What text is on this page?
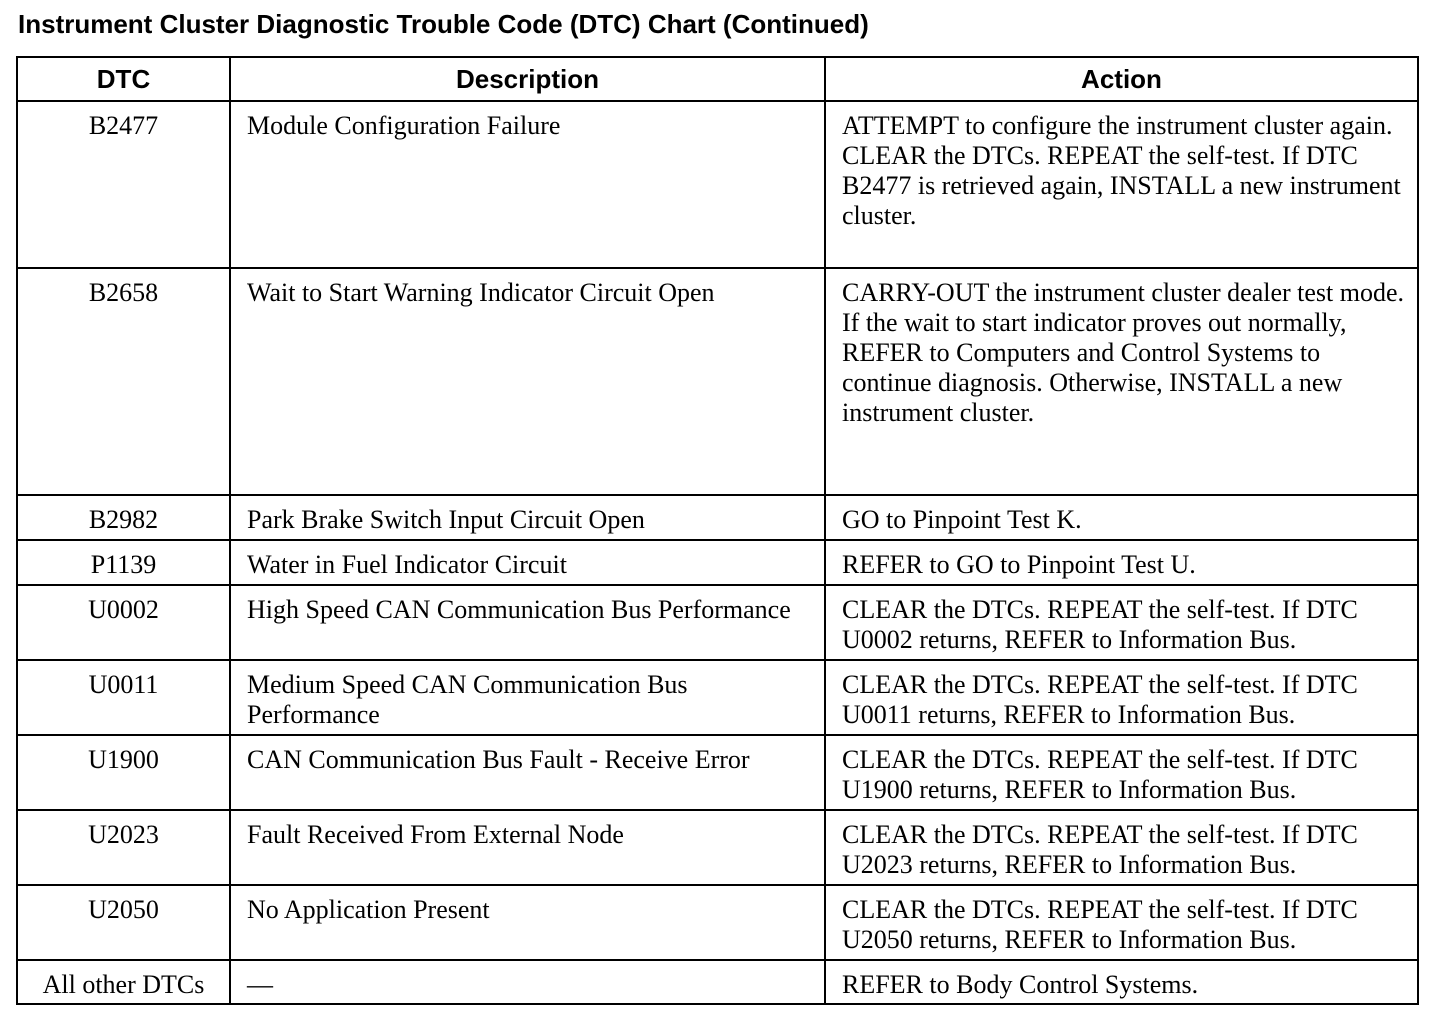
Instrument Cluster Diagnostic Trouble Code (DTC) Chart (Continued)
DTC	Description	Action
B2477	Module Configuration Failure	ATTEMPT to configure the instrument cluster again. CLEAR the DTCs. REPEAT the self-test. If DTC B2477 is retrieved again, INSTALL a new instrument cluster.
B2658	Wait to Start Warning Indicator Circuit Open	CARRY-OUT the instrument cluster dealer test mode. If the wait to start indicator proves out normally, REFER to Computers and Control Systems to continue diagnosis. Otherwise, INSTALL a new instrument cluster.
B2982	Park Brake Switch Input Circuit Open	GO to Pinpoint Test K.
P1139	Water in Fuel Indicator Circuit	REFER to GO to Pinpoint Test U.
U0002	High Speed CAN Communication Bus Performance	CLEAR the DTCs. REPEAT the self-test. If DTC U0002 returns, REFER to Information Bus.
U0011	Medium Speed CAN Communication Bus Performance	CLEAR the DTCs. REPEAT the self-test. If DTC U0011 returns, REFER to Information Bus.
U1900	CAN Communication Bus Fault - Receive Error	CLEAR the DTCs. REPEAT the self-test. If DTC U1900 returns, REFER to Information Bus.
U2023	Fault Received From External Node	CLEAR the DTCs. REPEAT the self-test. If DTC U2023 returns, REFER to Information Bus.
U2050	No Application Present	CLEAR the DTCs. REPEAT the self-test. If DTC U2050 returns, REFER to Information Bus.
All other DTCs	—	REFER to Body Control Systems.
